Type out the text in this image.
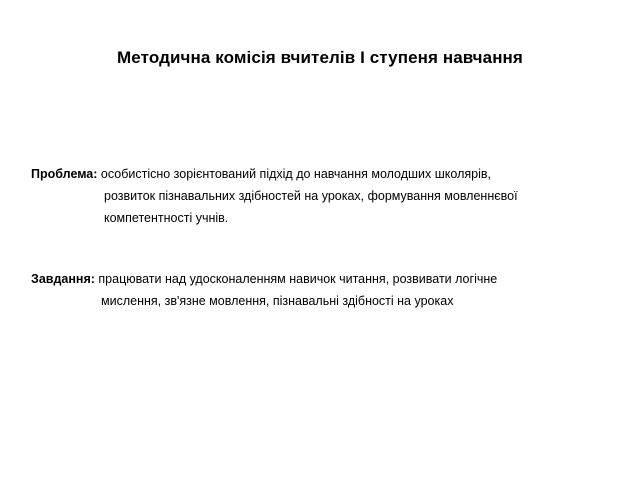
Методична комісія вчителів І ступеня навчання
Проблема: особистісно зорієнтований підхід до навчання молодших школярів,
розвиток пізнавальних здібностей на уроках, формування мовленнєвої
компетентності учнів.
Завдання: працювати над удосконаленням навичок читання, розвивати логічне
мислення, зв'язне мовлення, пізнавальні здібності на уроках
